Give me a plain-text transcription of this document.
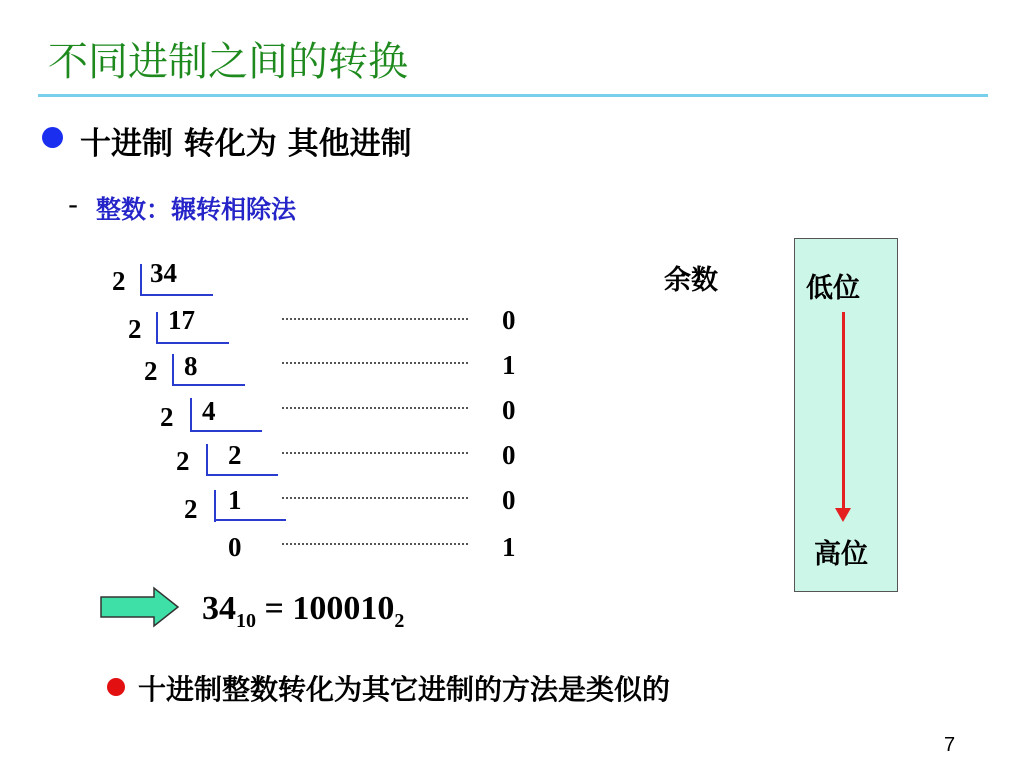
不同进制之间的转换
十进制 转化为 其他进制
- 整数：辗转相除法
2 34
2 17	0
2 8	1
2 4	0
2 2	0
2 1	0
0	1
余数	低位
高位
$34_{10} = 100010_2$
十进制整数转化为其它进制的方法是类似的
7
